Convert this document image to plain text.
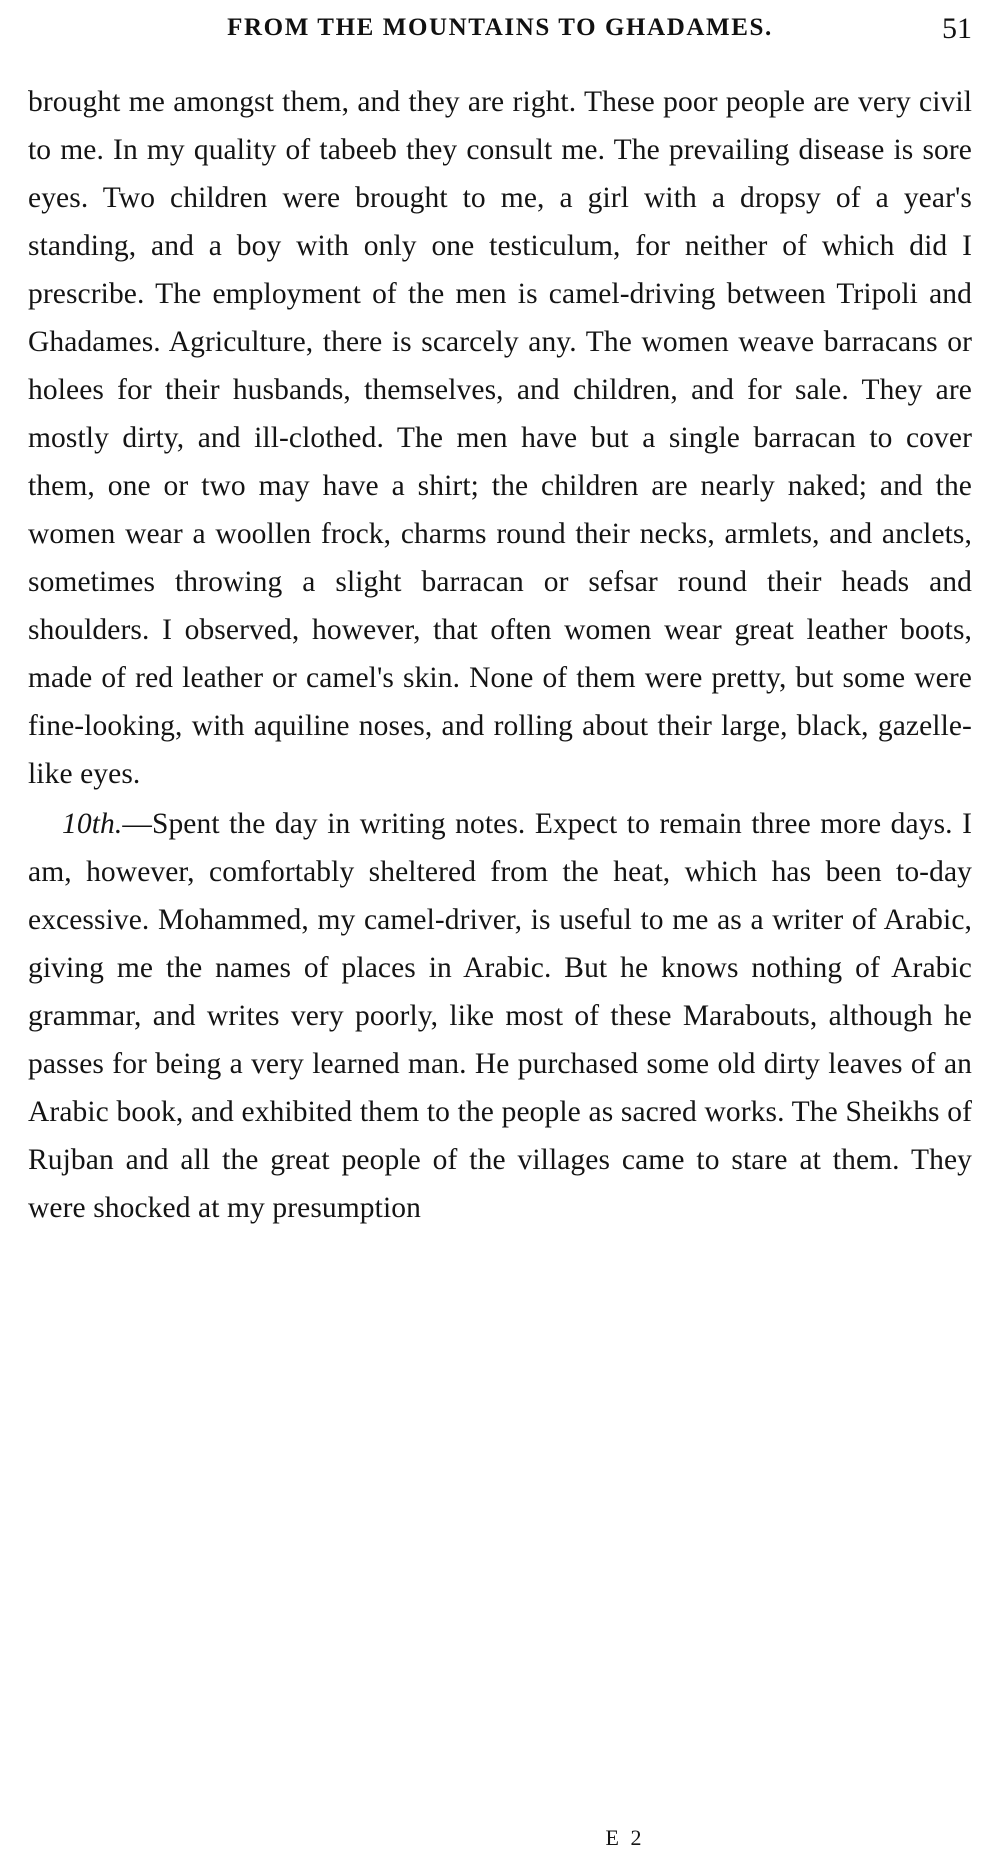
FROM THE MOUNTAINS TO GHADAMES.	51

brought me amongst them, and they are right. These poor people are very civil to me. In my quality of tabeeb they consult me. The prevailing disease is sore eyes. Two children were brought to me, a girl with a dropsy of a year's standing, and a boy with only one testiculum, for neither of which did I prescribe. The employment of the men is camel-driving between Tripoli and Ghadames. Agriculture, there is scarcely any. The women weave barracans or holees for their husbands, themselves, and children, and for sale. They are mostly dirty, and ill-clothed. The men have but a single barracan to cover them, one or two may have a shirt; the children are nearly naked; and the women wear a woollen frock, charms round their necks, armlets, and anclets, sometimes throwing a slight barracan or sefsar round their heads and shoulders. I observed, however, that often women wear great leather boots, made of red leather or camel's skin. None of them were pretty, but some were fine-looking, with aquiline noses, and rolling about their large, black, gazelle-like eyes.

10th.—Spent the day in writing notes. Expect to remain three more days. I am, however, comfortably sheltered from the heat, which has been to-day excessive. Mohammed, my camel-driver, is useful to me as a writer of Arabic, giving me the names of places in Arabic. But he knows nothing of Arabic grammar, and writes very poorly, like most of these Marabouts, although he passes for being a very learned man. He purchased some old dirty leaves of an Arabic book, and exhibited them to the people as sacred works. The Sheikhs of Rujban and all the great people of the villages came to stare at them. They were shocked at my presumption

E 2
